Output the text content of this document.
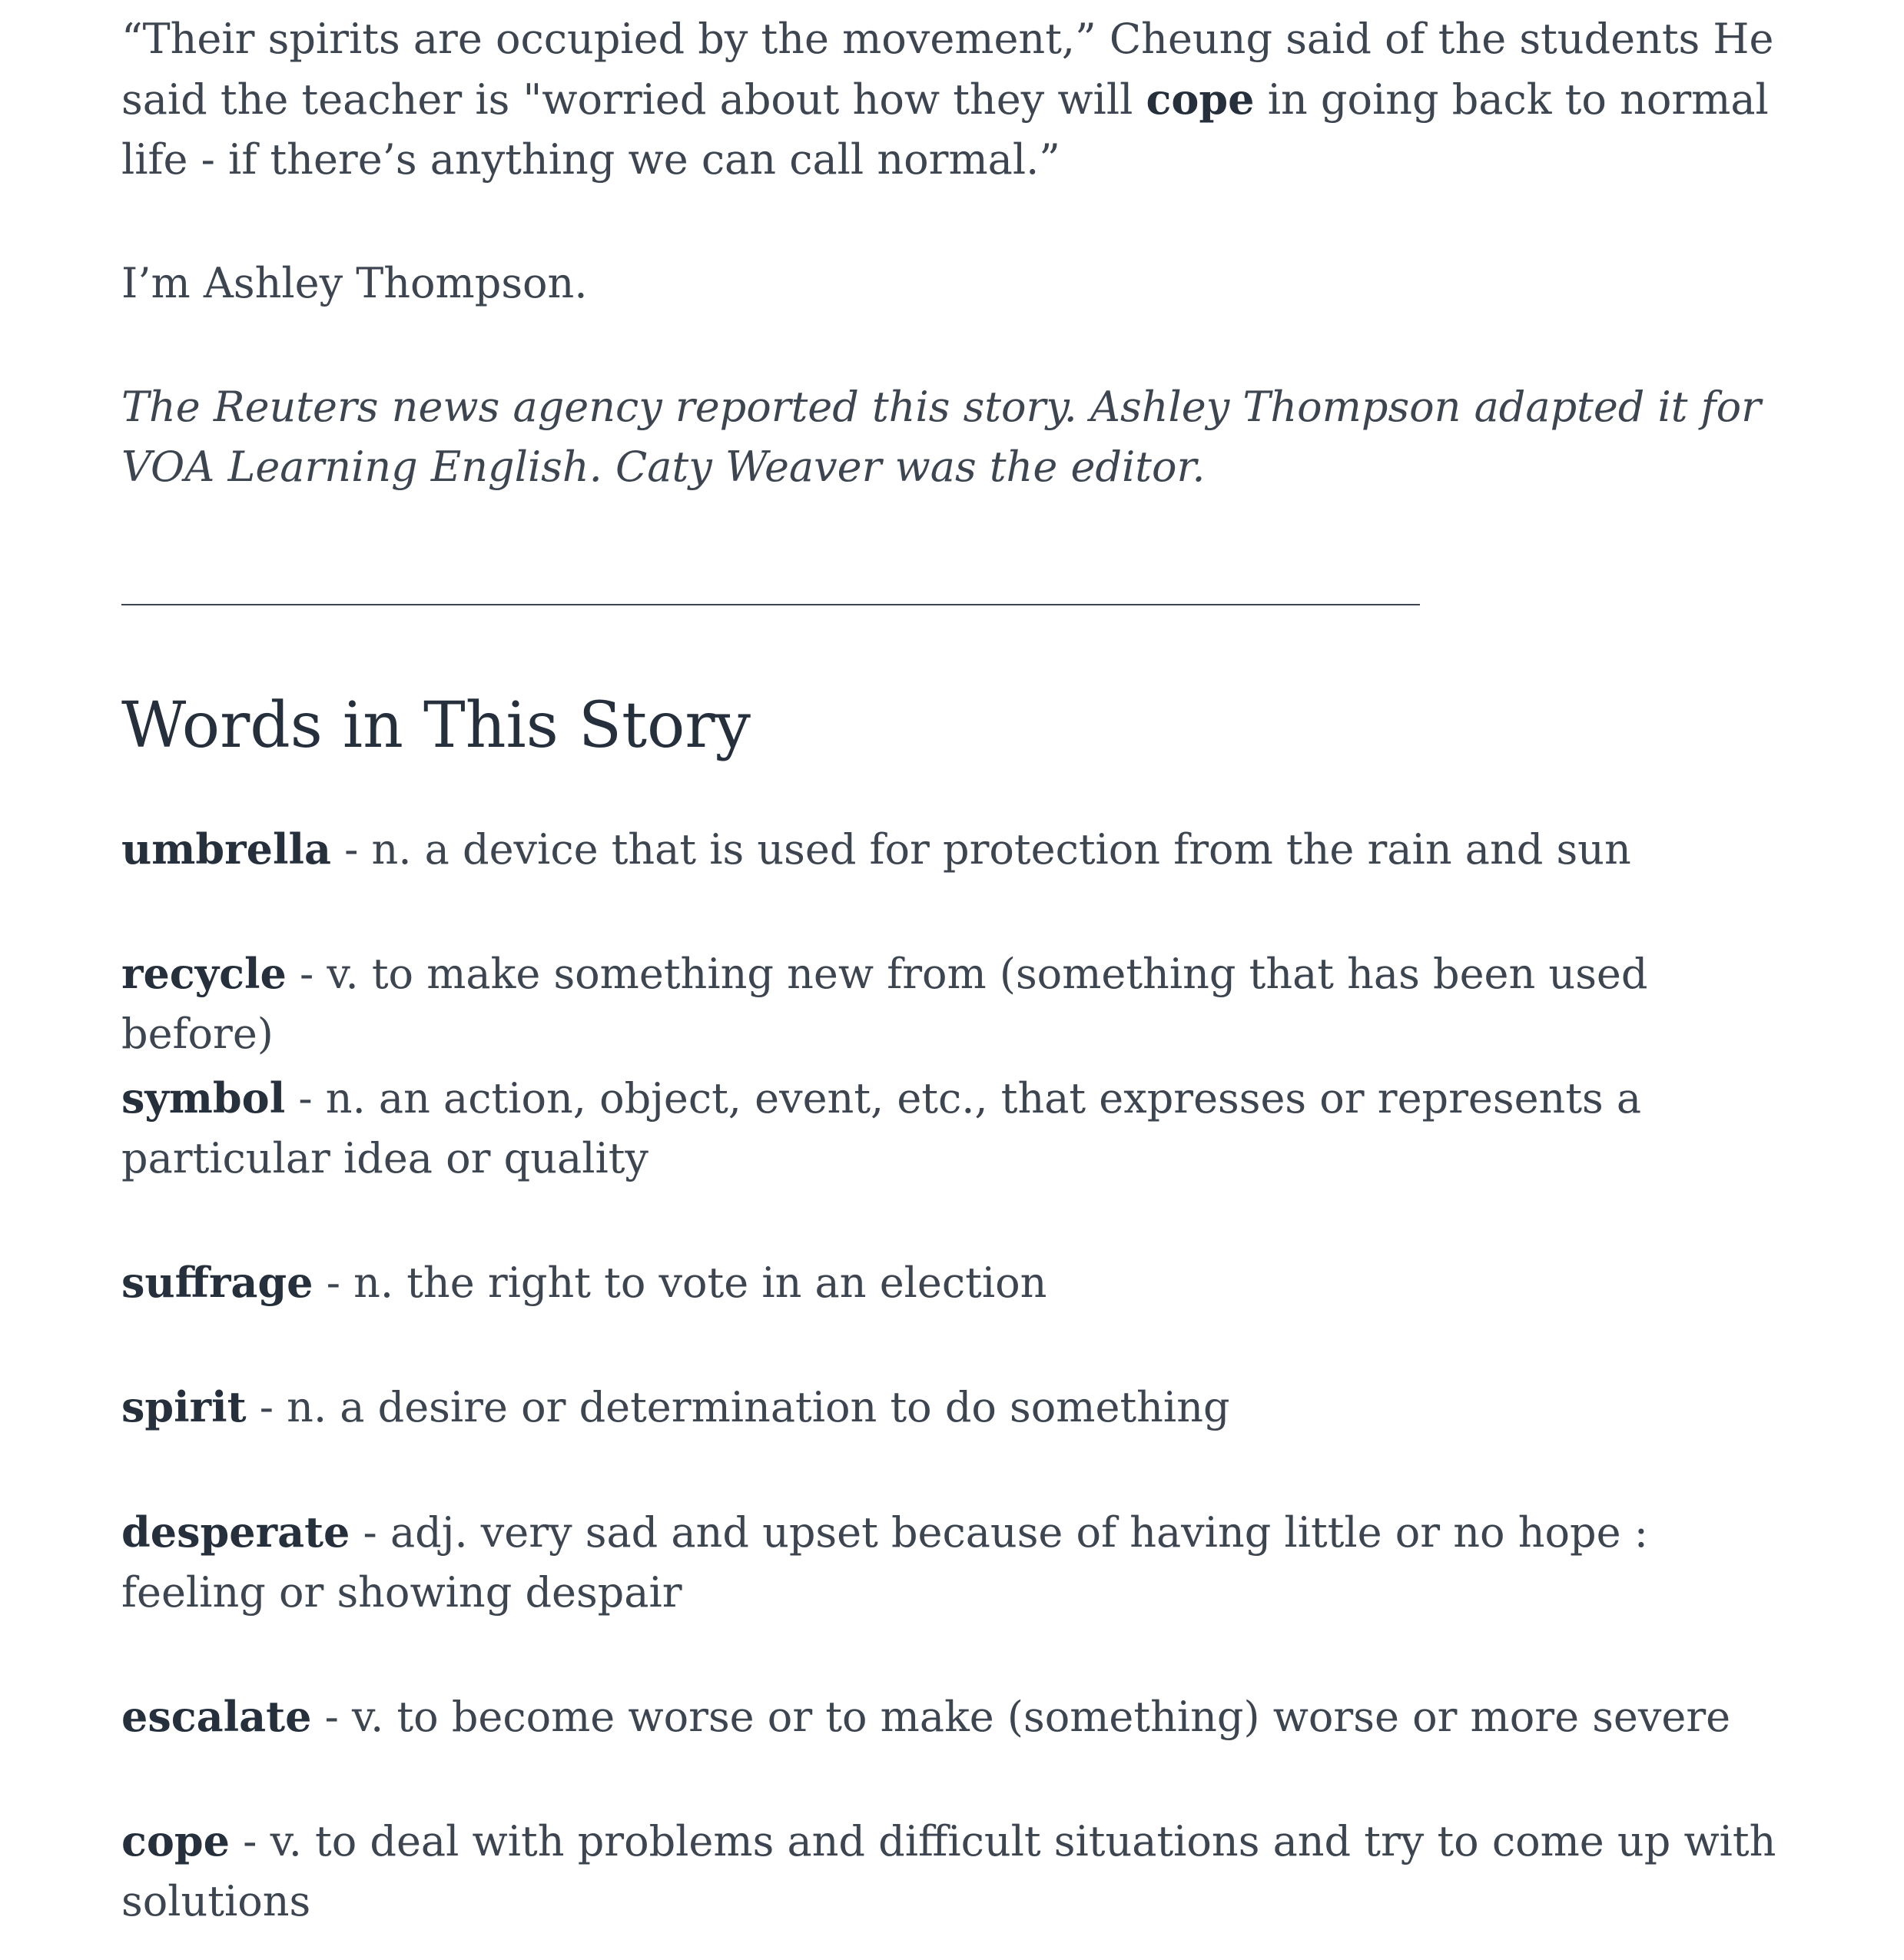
“Their spirits are occupied by the movement,” Cheung said of the students He said the teacher is "worried about how they will cope in going back to normal life - if there’s anything we can call normal.”

I’m Ashley Thompson.

The Reuters news agency reported this story. Ashley Thompson adapted it for VOA Learning English. Caty Weaver was the editor.

Words in This Story
umbrella - n. a device that is used for protection from the rain and sun
recycle - v. to make something new from (something that has been used before)
symbol - n. an action, object, event, etc., that expresses or represents a particular idea or quality
suffrage - n. the right to vote in an election
spirit - n. a desire or determination to do something
desperate - adj. very sad and upset because of having little or no hope : feeling or showing despair
escalate - v. to become worse or to make (something) worse or more severe
cope - v. to deal with problems and difficult situations and try to come up with solutions
